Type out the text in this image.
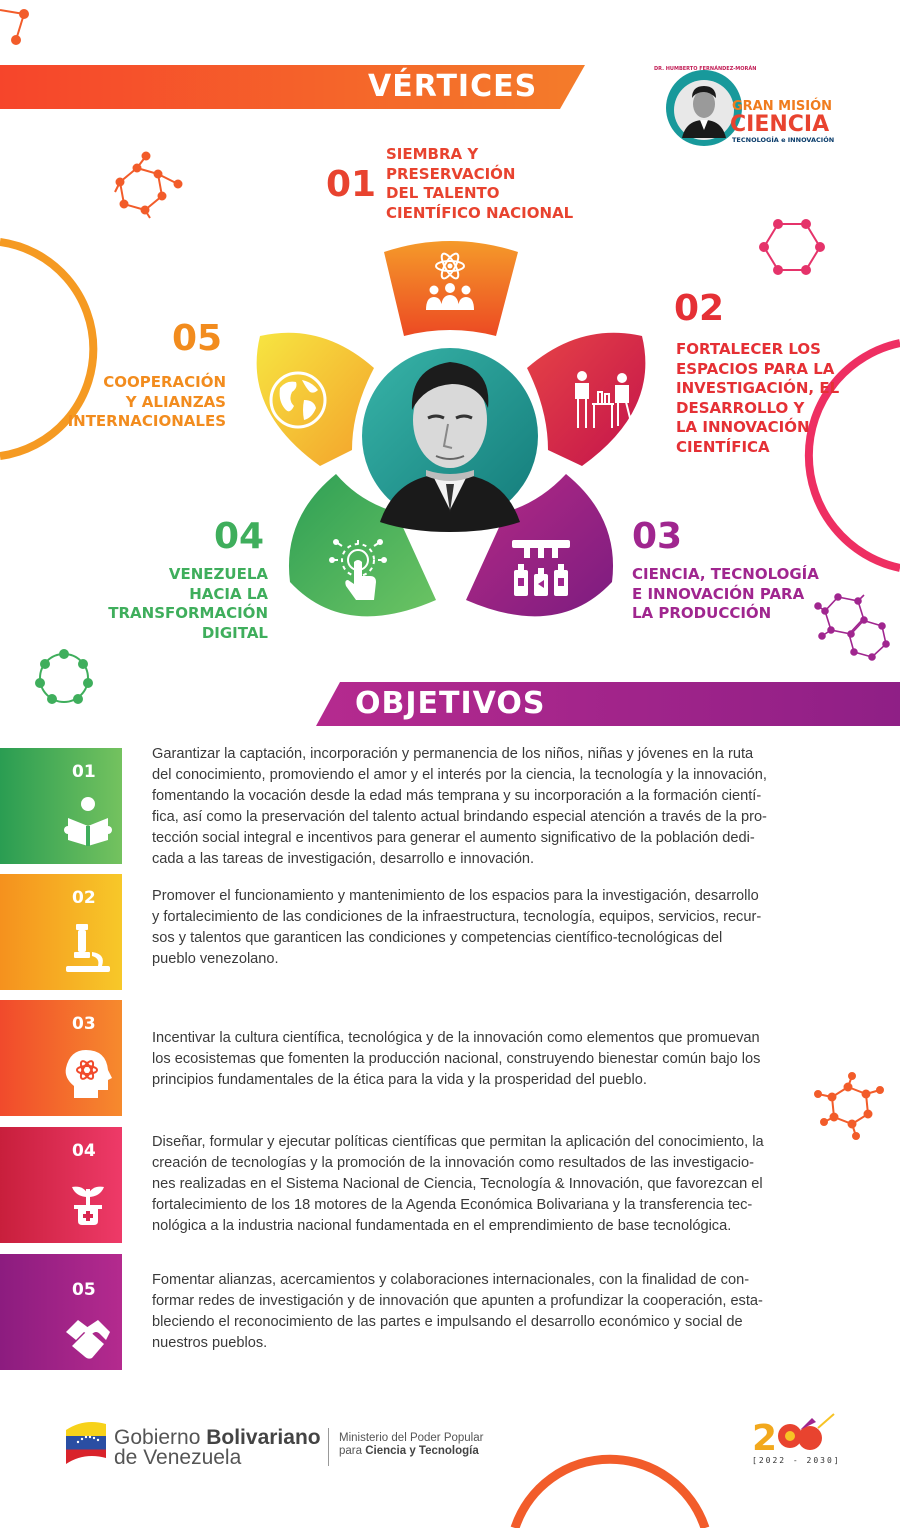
VÉRTICES
OBJETIVOS
DR. HUMBERTO FERNÁNDEZ-MORÁN
GRAN MISIÓN
CIENCIA
TECNOLOGÍA e INNOVACIÓN
01
SIEMBRA Y
PRESERVACIÓN
DEL TALENTO
CIENTÍFICO NACIONAL
02
FORTALECER LOS
ESPACIOS PARA LA
INVESTIGACIÓN, EL
DESARROLLO Y
LA INNOVACIÓN
CIENTÍFICA
03
CIENCIA, TECNOLOGÍA
E INNOVACIÓN PARA
LA PRODUCCIÓN
04
VENEZUELA
HACIA LA
TRANSFORMACIÓN
DIGITAL
05
COOPERACIÓN
Y ALIANZAS
INTERNACIONALES
01
Garantizar la captación, incorporación y permanencia de los niños, niñas y jóvenes en la ruta
del conocimiento, promoviendo el amor y el interés por la ciencia, la tecnología y la innovación,
fomentando la vocación desde la edad más temprana y su incorporación a la formación cientí-
fica, así como la preservación del talento actual brindando especial atención a través de la pro-
tección social integral e incentivos para generar el aumento significativo de la población dedi-
cada a las tareas de investigación, desarrollo e innovación.
02	Promover el funcionamiento y mantenimiento de los espacios para la investigación, desarrollo
y fortalecimiento de las condiciones de la infraestructura, tecnología, equipos, servicios, recur-
sos y talentos que garanticen las condiciones y competencias científico-tecnológicas del
pueblo venezolano.
03
Incentivar la cultura científica, tecnológica y de la innovación como elementos que promuevan
los ecosistemas que fomenten la producción nacional, construyendo bienestar común bajo los
principios fundamentales de la ética para la vida y la prosperidad del pueblo.
04	Diseñar, formular y ejecutar políticas científicas que permitan la aplicación del conocimiento, la
creación de tecnologías y la promoción de la innovación como resultados de las investigacio-
nes realizadas en el Sistema Nacional de Ciencia, Tecnología & Innovación, que favorezcan el
fortalecimiento de los 18 motores de la Agenda Económica Bolivariana y la transferencia tec-
nológica a la industria nacional fundamentada en el emprendimiento de base tecnológica.
05	Fomentar alianzas, acercamientos y colaboraciones internacionales, con la finalidad de con-
formar redes de investigación y de innovación que apunten a profundizar la cooperación, esta-
bleciendo el reconocimiento de las partes e impulsando el desarrollo económico y social de
nuestros pueblos.
Gobierno Bolivariano
de Venezuela
Ministerio del Poder Popular
para Ciencia y Tecnología	2
[2022 - 2030]
